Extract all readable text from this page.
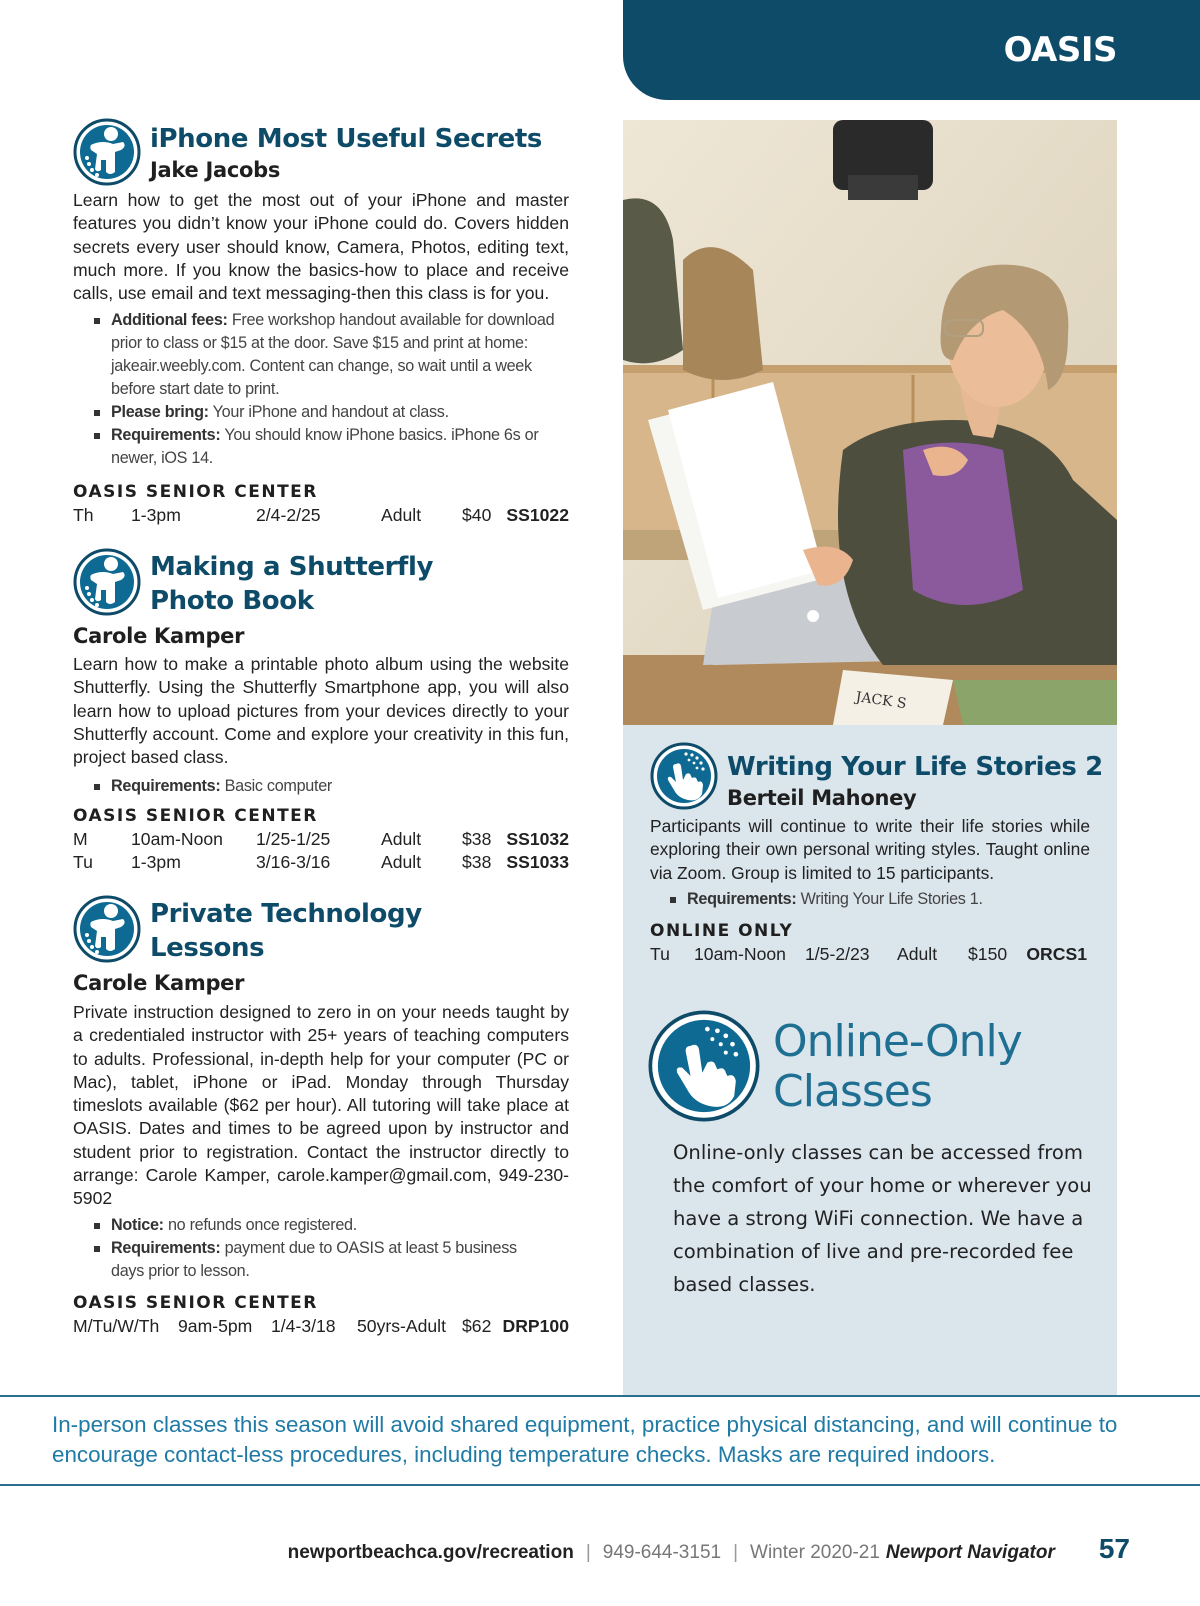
OASIS
iPhone Most Useful Secrets
Jake Jacobs
Learn how to get the most out of your iPhone and master features you didn’t know your iPhone could do. Covers hidden secrets every user should know, Camera, Photos, editing text, much more. If you know the basics-how to place and receive calls, use email and text messaging-then this class is for you.
Additional fees: Free workshop handout available for download prior to class or $15 at the door. Save $15 and print at home: jakeair.weebly.com. Content can change, so wait until a week before start date to print.
Please bring: Your iPhone and handout at class.
Requirements: You should know iPhone basics. iPhone 6s or newer, iOS 14.
OASIS SENIOR CENTER
Th 1-3pm	2/4-2/25	Adult $40 SS1022
Making a Shutterfly
Photo Book
Carole Kamper
Learn how to make a printable photo album using the website Shutterfly. Using the Shutterfly Smartphone app, you will also learn how to upload pictures from your devices directly to your Shutterfly account. Come and explore your creativity in this fun, project based class.
Requirements: Basic computer
OASIS SENIOR CENTER
M 10am-Noon 1/25-1/25	Adult $38 SS1032
Tu 1-3pm	3/16-3/16	Adult $38 SS1033
Private Technology
Lessons
Carole Kamper
Private instruction designed to zero in on your needs taught by a credentialed instructor with 25+ years of teaching computers to adults. Professional, in-depth help for your computer (PC or Mac), tablet, iPhone or iPad. Monday through Thursday timeslots available ($62 per hour). All tutoring will take place at OASIS. Dates and times to be agreed upon by instructor and student prior to registration. Contact the instructor directly to arrange: Carole Kamper, carole.kamper@gmail.com, 949-230-5902
Notice: no refunds once registered.
Requirements: payment due to OASIS at least 5 business days prior to lesson.
OASIS SENIOR CENTER
M/Tu/W/Th 9am-5pm 1/4-3/18 50yrs-Adult $62 DRP100
JACK S
Writing Your Life Stories 2
Berteil Mahoney
Participants will continue to write their life stories while exploring their own personal writing styles. Taught online via Zoom. Group is limited to 15 participants.
Requirements: Writing Your Life Stories 1.
ONLINE ONLY
Tu 10am-Noon 1/5-2/23 Adult $150 ORCS1
Online-Only
Classes
Online-only classes can be accessed from the comfort of your home or wherever you have a strong WiFi connection. We have a combination of live and pre-recorded fee based classes.
In-person classes this season will avoid shared equipment, practice physical distancing, and will continue to encourage contact-less procedures, including temperature checks. Masks are required indoors.
newportbeachca.gov/recreation | 949-644-3151 | Winter 2020-21 Newport Navigator 57
